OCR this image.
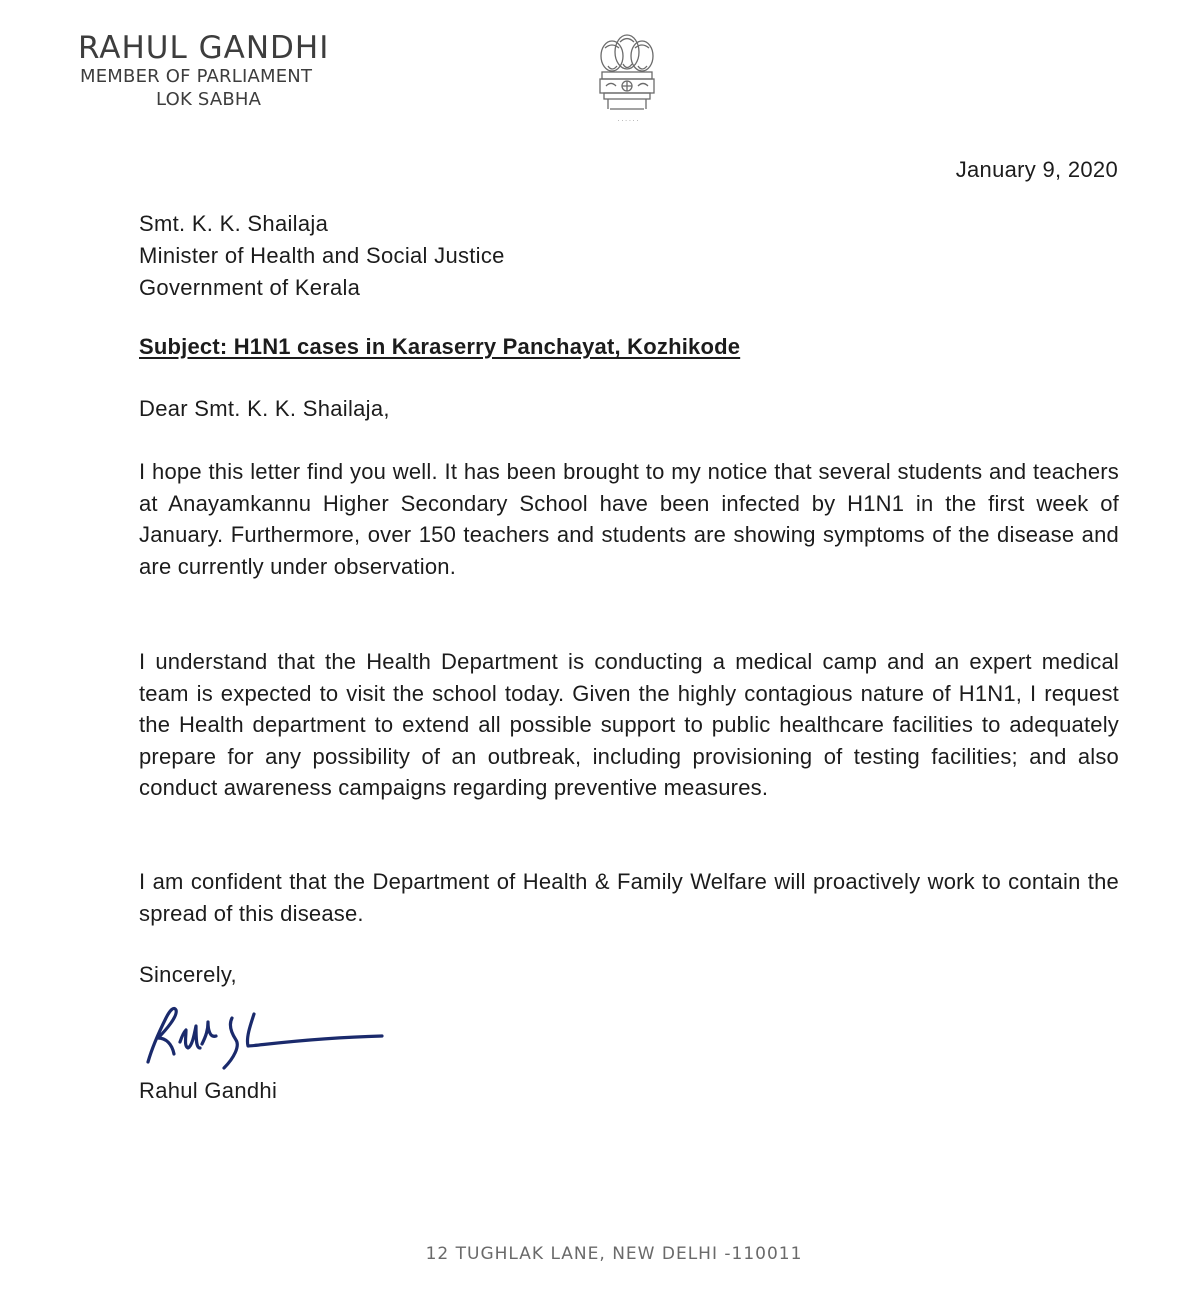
RAHUL GANDHI
MEMBER OF PARLIAMENT
LOK SABHA
· · · · · ·
January 9, 2020
Smt. K. K. Shailaja
Minister of Health and Social Justice
Government of Kerala
Subject: H1N1 cases in Karaserry Panchayat, Kozhikode
Dear Smt. K. K. Shailaja,

I hope this letter find you well. It has been brought to my notice that several students and teachers at Anayamkannu Higher Secondary School have been infected by H1N1 in the first week of January. Furthermore, over 150 teachers and students are showing symptoms of the disease and are currently under observation.

I understand that the Health Department is conducting a medical camp and an expert medical team is expected to visit the school today. Given the highly contagious nature of H1N1, I request the Health department to extend all possible support to public healthcare facilities to adequately prepare for any possibility of an outbreak, including provisioning of testing facilities; and also conduct awareness campaigns regarding preventive measures.

I am confident that the Department of Health & Family Welfare will proactively work to contain the spread of this disease.

Sincerely,
Rahul Gandhi
12 TUGHLAK LANE, NEW DELHI -110011
